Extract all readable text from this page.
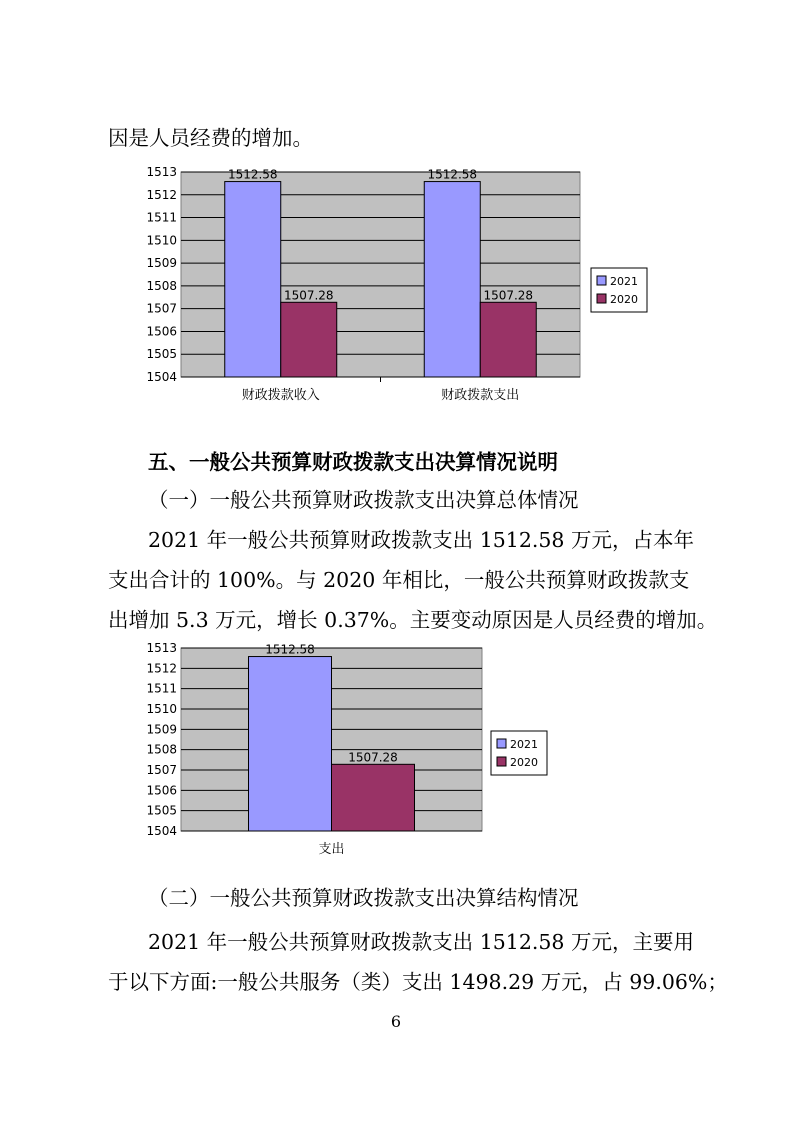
因是人员经费的增加。
1504
1505
1506
1507
1508
1509
1510
1511
1512
1513	1512.58
1507.28
财政拨款收入
1512.58
1507.28
财政拨款支出
2021
2020
五、一般公共预算财政拨款支出决算情况说明
（一）一般公共预算财政拨款支出决算总体情况
2021 年一般公共预算财政拨款支出 1512.58 万元，占本年
支出合计的 100%。与 2020 年相比，一般公共预算财政拨款支
出增加 5.3 万元，增长 0.37%。主要变动原因是人员经费的增加。
1504
1505
1506
1507
1508
1509
1510
1511
1512
1513	1512.58
1507.28
支出
2021
2020
（二）一般公共预算财政拨款支出决算结构情况
2021 年一般公共预算财政拨款支出 1512.58 万元，主要用
于以下方面:一般公共服务（类）支出 1498.29 万元，占 99.06%；
6
